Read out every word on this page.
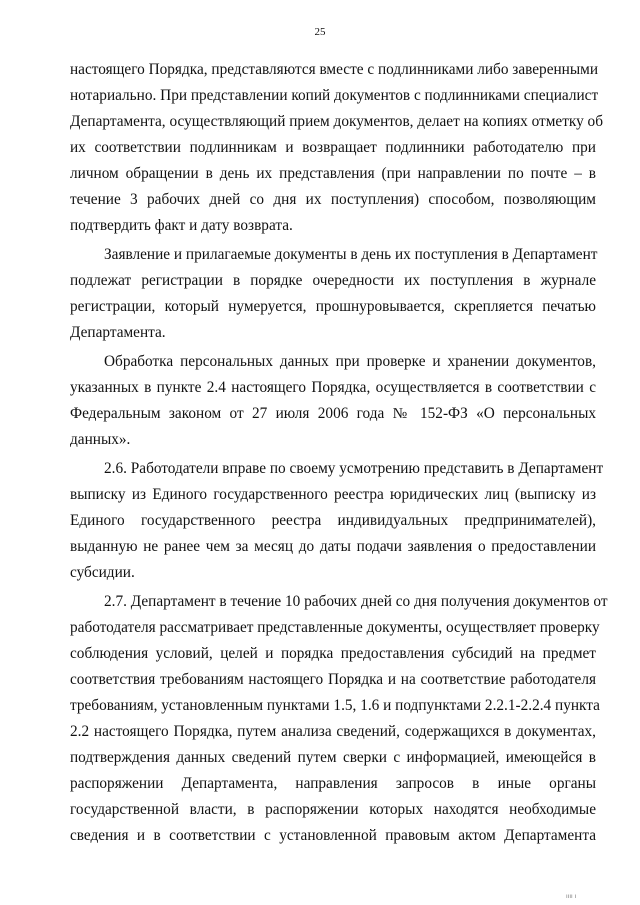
25
настоящего Порядка, представляются вместе с подлинниками либо заверенными
нотариально. При представлении копий документов с подлинниками специалист
Департамента, осуществляющий прием документов, делает на копиях отметку об
их соответствии подлинникам и возвращает подлинники работодателю при
личном обращении в день их представления (при направлении по почте – в
течение 3 рабочих дней со дня их поступления) способом, позволяющим
подтвердить факт и дату возврата.
Заявление и прилагаемые документы в день их поступления в Департамент
подлежат регистрации в порядке очередности их поступления в журнале
регистрации, который нумеруется, прошнуровывается, скрепляется печатью
Департамента.
Обработка персональных данных при проверке и хранении документов,
указанных в пункте 2.4 настоящего Порядка, осуществляется в соответствии с
Федеральным законом от 27 июля 2006 года № 152-ФЗ «О персональных
данных».
2.6. Работодатели вправе по своему усмотрению представить в Департамент
выписку из Единого государственного реестра юридических лиц (выписку из
Единого государственного реестра индивидуальных предпринимателей),
выданную не ранее чем за месяц до даты подачи заявления о предоставлении
субсидии.
2.7. Департамент в течение 10 рабочих дней со дня получения документов от
работодателя рассматривает представленные документы, осуществляет проверку
соблюдения условий, целей и порядка предоставления субсидий на предмет
соответствия требованиям настоящего Порядка и на соответствие работодателя
требованиям, установленным пунктами 1.5, 1.6 и подпунктами 2.2.1-2.2.4 пункта
2.2 настоящего Порядка, путем анализа сведений, содержащихся в документах,
подтверждения данных сведений путем сверки с информацией, имеющейся в
распоряжении Департамента, направления запросов в иные органы
государственной власти, в распоряжении которых находятся необходимые
сведения и в соответствии с установленной правовым актом Департамента
ıııı ı
